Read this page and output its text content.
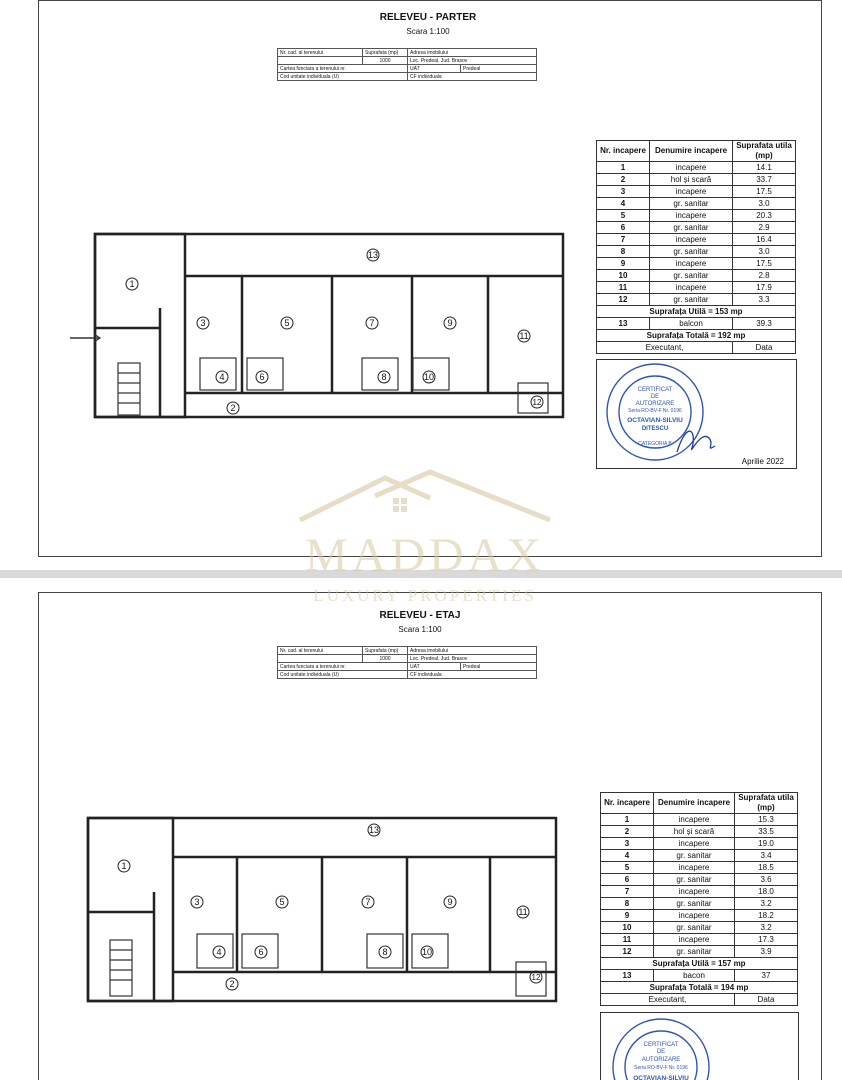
RELEVEU - PARTER
Scara 1:100
Nr. cad. al terenului	Suprafata (mp)	Adresa imobilului	
	1000	Loc. Predeal, Jud. Brasov	
Cartea funciara a terenului nr.		UAT	Predeal
Cod unitate individuala (U)		CF individuala	
1
2
3
4
5
6
7
8
9
10
11
12
13
Nr. incapere	Denumire incapere	Suprafata utila (mp)
1	incapere	14.1
2	hol și scară	33.7
3	incapere	17.5
4	gr. sanitar	3.0
5	incapere	20.3
6	gr. sanitar	2.9
7	incapere	16.4
8	gr. sanitar	3.0
9	incapere	17.5
10	gr. sanitar	2.8
11	incapere	17.9
12	gr. sanitar	3.3
Suprafața Utilă = 153 mp		
13	balcon	39.3
Suprafața Totală = 192 mp		
Executant,		Data
CERTIFICAT
DE
AUTORIZARE
Seria RO-BV-F Nr. 0196
OCTAVIAN-SILVIU
DITESCU
CATEGORIA B
Aprilie 2022
RELEVEU - ETAJ
Scara 1:100
Nr. cad. al terenului	Suprafata (mp)	Adresa imobilului	
	1000	Loc. Predeal, Jud. Brasov	
Cartea funciara a terenului nr.		UAT	Predeal
Cod unitate individuala (U)		CF individuala	
1
2
3
4
5
6
7
8
9
10
11
12
13
Nr. incapere	Denumire incapere	Suprafata utila (mp)
1	incapere	15.3
2	hol și scară	33.5
3	incapere	19.0
4	gr. sanitar	3.4
5	incapere	18.5
6	gr. sanitar	3.6
7	incapere	18.0
8	gr. sanitar	3.2
9	incapere	18.2
10	gr. sanitar	3.2
11	incapere	17.3
12	gr. sanitar	3.9
Suprafața Utilă = 157 mp		
13	bacon	37
Suprafața Totală = 194 mp		
Executant,		Data
CERTIFICAT
DE
AUTORIZARE
Seria RO-BV-F Nr. 0196
OCTAVIAN-SILVIU
MADDAX
LUXURY PROPERTIES
